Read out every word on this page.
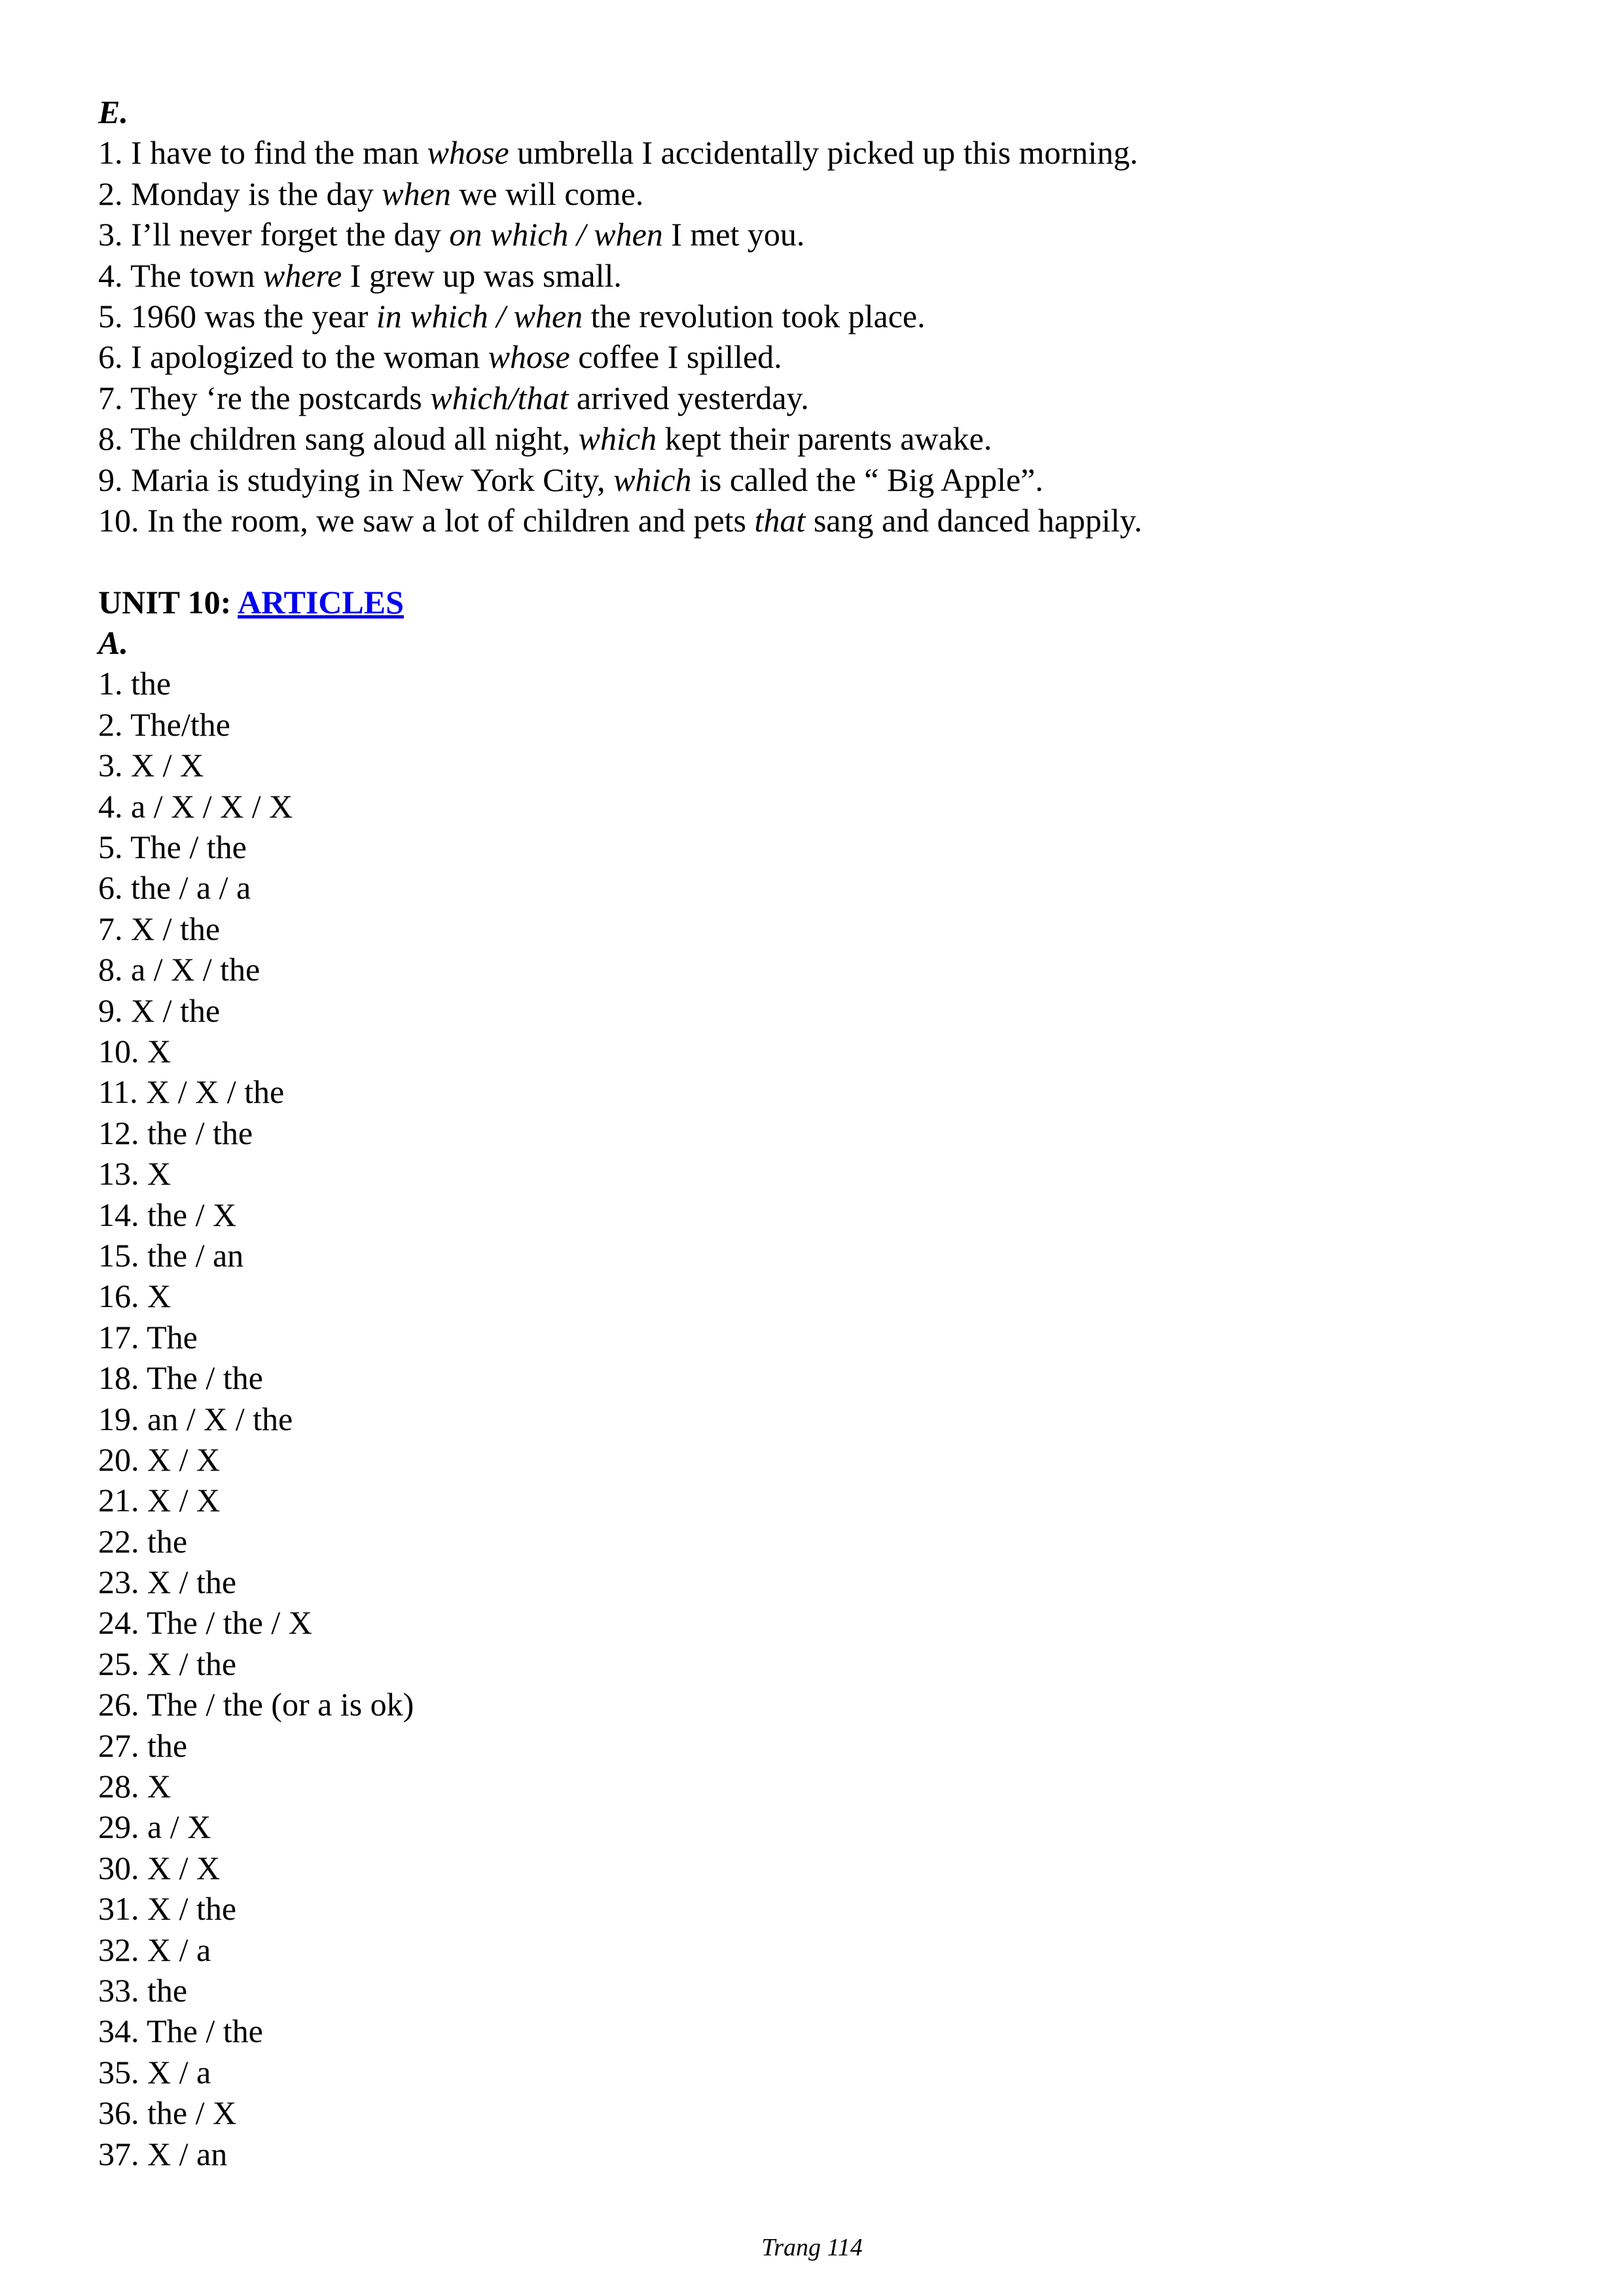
E.
1. I have to find the man whose umbrella I accidentally picked up this morning.
2. Monday is the day when we will come.
3. I’ll never forget the day on which / when I met you.
4. The town where I grew up was small.
5. 1960 was the year in which / when the revolution took place.
6. I apologized to the woman whose coffee I spilled.
7. They ‘re the postcards which/that arrived yesterday.
8. The children sang aloud all night, which kept their parents awake.
9. Maria is studying in New York City, which is called the “ Big Apple”.
10. In the room, we saw a lot of children and pets that sang and danced happily.
UNIT 10: ARTICLES
A.
1. the
2. The/the
3. X / X
4. a / X / X / X
5. The / the
6. the / a / a
7. X / the
8. a / X / the
9. X / the
10. X
11. X / X / the
12. the / the
13. X
14. the / X
15. the / an
16. X
17. The
18. The / the
19. an / X / the
20. X / X
21. X / X
22. the
23. X / the
24. The / the / X
25. X / the
26. The / the (or a is ok)
27. the
28. X
29. a / X
30. X / X
31. X / the
32. X / a
33. the
34. The / the
35. X / a
36. the / X
37. X / an
Trang 114
